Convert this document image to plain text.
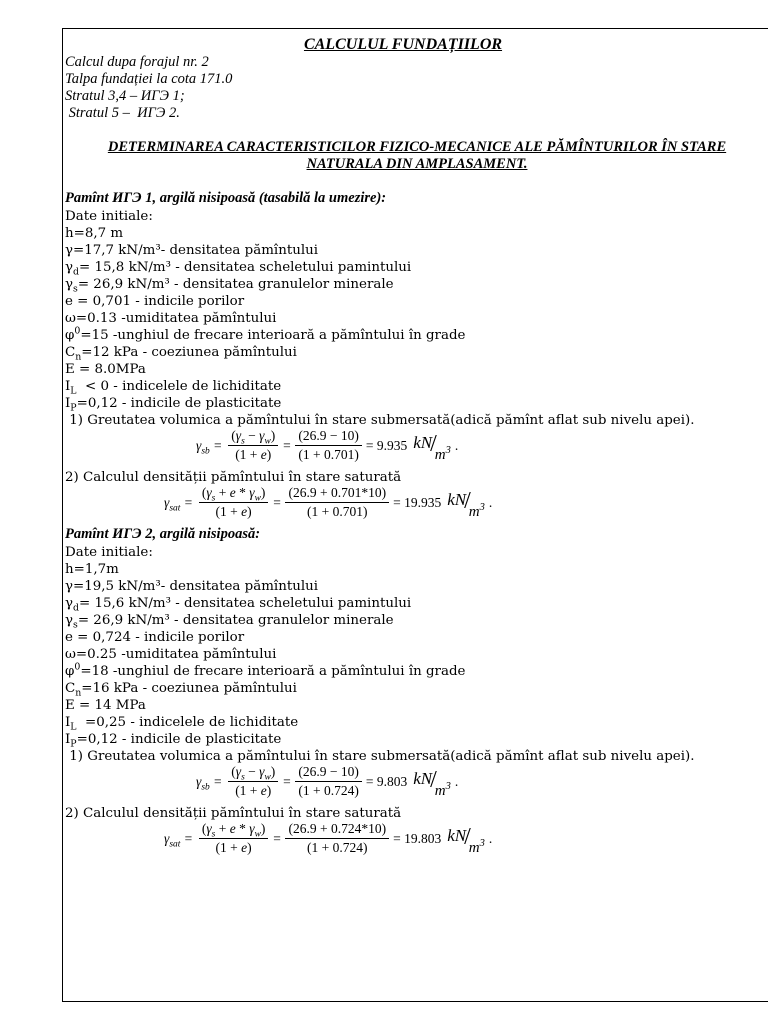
CALCULUL FUNDAȚIILOR
Calcul dupa forajul nr. 2
Talpa fundației la cota 171.0
Stratul 3,4 – ИГЭ 1;
Stratul 5 –  ИГЭ 2.
DETERMINAREA CARACTERISTICILOR FIZICO-MECANICE ALE PĂMÎNTURILOR ÎN STARE
NATURALA DIN AMPLASAMENT.
Pamînt ИГЭ 1, argilă nisipoasă (tasabilă la umezire):
Date initiale:
h=8,7 m
γ=17,7 kN/m³- densitatea pămîntului
$\gamma_d= 15,8$ kN/m³ - densitatea scheletului pamintului
$\gamma_s= 26,9$ kN/m³ - densitatea granulelor minerale
e = 0,701 - indicile porilor
ω=0.13 -umiditatea pămîntului
$\varphi^0=15$ -unghiul de frecare interioară a pămîntului în grade
$C_n=12$ kPa - coeziunea pămîntului
E = 8.0MPa
$I_L < 0$ - indicelele de lichiditate
$I_P=0,12$ - indicile de plasticitate
1) Greutatea volumica a pămîntului în stare submersată(adică pămînt aflat sub nivelu apei).
$\gamma_{sb} = \frac{(\gamma_s - \gamma_w)}{(1 + e)} = \frac{(26.9 - 10)}{(1 + 0.701)} = 9.935$ $kN/m^3$ .
2) Calculul densității pămîntului în stare saturată
$\gamma_{sat} = \frac{(\gamma_s + e * \gamma_w)}{(1 + e)} = \frac{(26.9 + 0.701*10)}{(1 + 0.701)} = 19.935$ $kN/m^3$ .
Pamînt ИГЭ 2, argilă nisipoasă:
Date initiale:
h=1,7m
γ=19,5 kN/m³- densitatea pămîntului
$\gamma_d= 15,6$ kN/m³ - densitatea scheletului pamintului
$\gamma_s= 26,9$ kN/m³ - densitatea granulelor minerale
e = 0,724 - indicile porilor
ω=0.25 -umiditatea pămîntului
$\varphi^0=18$ -unghiul de frecare interioară a pămîntului în grade
$C_n=16$ kPa - coeziunea pămîntului
E = 14 MPa
$I_L =0,25$ - indicelele de lichiditate
$I_P=0,12$ - indicile de plasticitate
1) Greutatea volumica a pămîntului în stare submersată(adică pămînt aflat sub nivelu apei).
$\gamma_{sb} = \frac{(\gamma_s - \gamma_w)}{(1 + e)} = \frac{(26.9 - 10)}{(1 + 0.724)} = 9.803$ $kN/m^3$ .
2) Calculul densității pămîntului în stare saturată
$\gamma_{sat} = \frac{(\gamma_s + e * \gamma_w)}{(1 + e)} = \frac{(26.9 + 0.724*10)}{(1 + 0.724)} = 19.803$ $kN/m^3$ .
